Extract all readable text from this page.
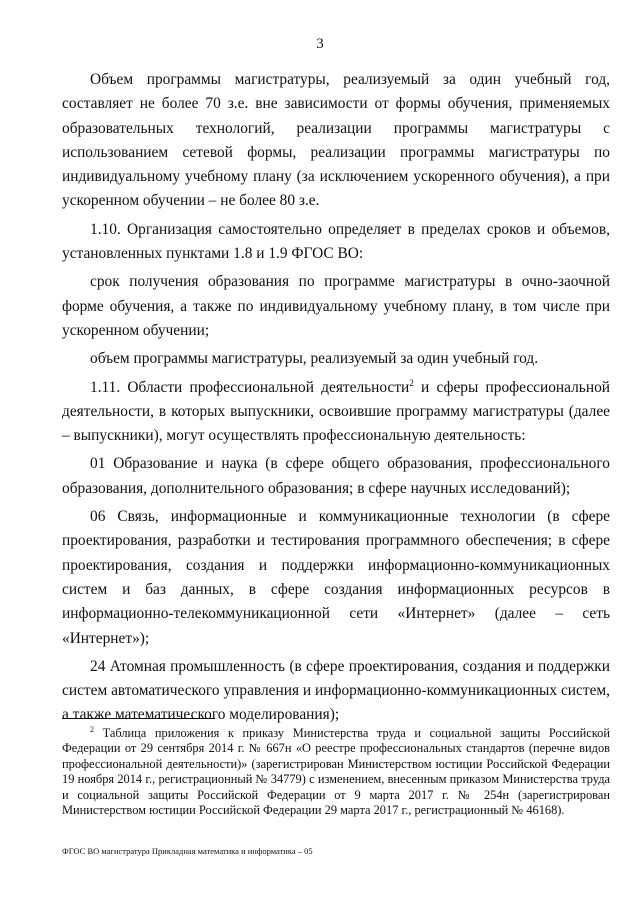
3

Объем программы магистратуры, реализуемый за один учебный год, составляет не более 70 з.е. вне зависимости от формы обучения, применяемых образовательных технологий, реализации программы магистратуры с использованием сетевой формы, реализации программы магистратуры по индивидуальному учебному плану (за исключением ускоренного обучения), а при ускоренном обучении – не более 80 з.е.

1.10. Организация самостоятельно определяет в пределах сроков и объемов, установленных пунктами 1.8 и 1.9 ФГОС ВО:

срок получения образования по программе магистратуры в очно-заочной форме обучения, а также по индивидуальному учебному плану, в том числе при ускоренном обучении;

объем программы магистратуры, реализуемый за один учебный год.

1.11. Области профессиональной деятельности$^2$ и сферы профессиональной деятельности, в которых выпускники, освоившие программу магистратуры (далее – выпускники), могут осуществлять профессиональную деятельность:

01 Образование и наука (в сфере общего образования, профессионального образования, дополнительного образования; в сфере научных исследований);

06 Связь, информационные и коммуникационные технологии (в сфере проектирования, разработки и тестирования программного обеспечения; в сфере проектирования, создания и поддержки информационно-коммуникационных систем и баз данных, в сфере создания информационных ресурсов в информационно-телекоммуникационной сети «Интернет» (далее – сеть «Интернет»);

24 Атомная промышленность (в сфере проектирования, создания и поддержки систем автоматического управления и информационно-коммуникационных систем, а также математического моделирования);

$^2$ Таблица приложения к приказу Министерства труда и социальной защиты Российской Федерации от 29 сентября 2014 г. № 667н «О реестре профессиональных стандартов (перечне видов профессиональной деятельности)» (зарегистрирован Министерством юстиции Российской Федерации 19 ноября 2014 г., регистрационный № 34779) с изменением, внесенным приказом Министерства труда и социальной защиты Российской Федерации от 9 марта 2017 г. № 254н (зарегистрирован Министерством юстиции Российской Федерации 29 марта 2017 г., регистрационный № 46168).

ФГОС ВО магистратура Прикладная математика и информатика – 05
